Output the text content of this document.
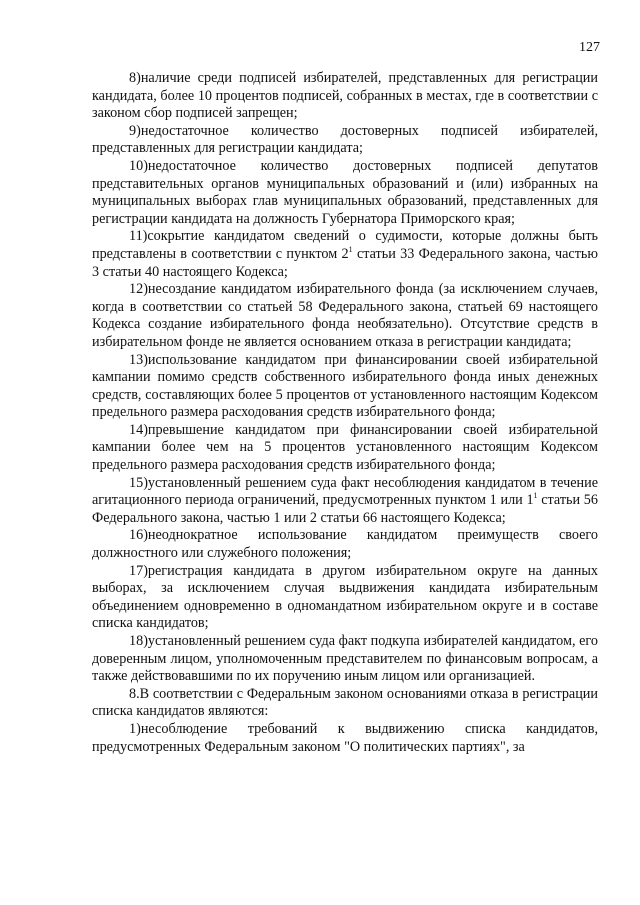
127

8)наличие среди подписей избирателей, представленных для регистрации кандидата, более 10 процентов подписей, собранных в местах, где в соответствии с законом сбор подписей запрещен;

9)недостаточное количество достоверных подписей избирателей, представленных для регистрации кандидата;

10)недостаточное количество достоверных подписей депутатов представительных органов муниципальных образований и (или) избранных на муниципальных выборах глав муниципальных образований, представленных для регистрации кандидата на должность Губернатора Приморского края;

11)сокрытие кандидатом сведений о судимости, которые должны быть представлены в соответствии с пунктом $2^1$ статьи 33 Федерального закона, частью 3 статьи 40 настоящего Кодекса;

12)несоздание кандидатом избирательного фонда (за исключением случаев, когда в соответствии со статьей 58 Федерального закона, статьей 69 настоящего Кодекса создание избирательного фонда необязательно). Отсутствие средств в избирательном фонде не является основанием отказа в регистрации кандидата;

13)использование кандидатом при финансировании своей избирательной кампании помимо средств собственного избирательного фонда иных денежных средств, составляющих более 5 процентов от установленного настоящим Кодексом предельного размера расходования средств избирательного фонда;

14)превышение кандидатом при финансировании своей избирательной кампании более чем на 5 процентов установленного настоящим Кодексом предельного размера расходования средств избирательного фонда;

15)установленный решением суда факт несоблюдения кандидатом в течение агитационного периода ограничений, предусмотренных пунктом 1 или $1^1$ статьи 56 Федерального закона, частью 1 или 2 статьи 66 настоящего Кодекса;

16)неоднократное использование кандидатом преимуществ своего должностного или служебного положения;

17)регистрация кандидата в другом избирательном округе на данных выборах, за исключением случая выдвижения кандидата избирательным объединением одновременно в одномандатном избирательном округе и в составе списка кандидатов;

18)установленный решением суда факт подкупа избирателей кандидатом, его доверенным лицом, уполномоченным представителем по финансовым вопросам, а также действовавшими по их поручению иным лицом или организацией.

8.В соответствии с Федеральным законом основаниями отказа в регистрации списка кандидатов являются:

1)несоблюдение требований к выдвижению списка кандидатов, предусмотренных Федеральным законом "О политических партиях", за
